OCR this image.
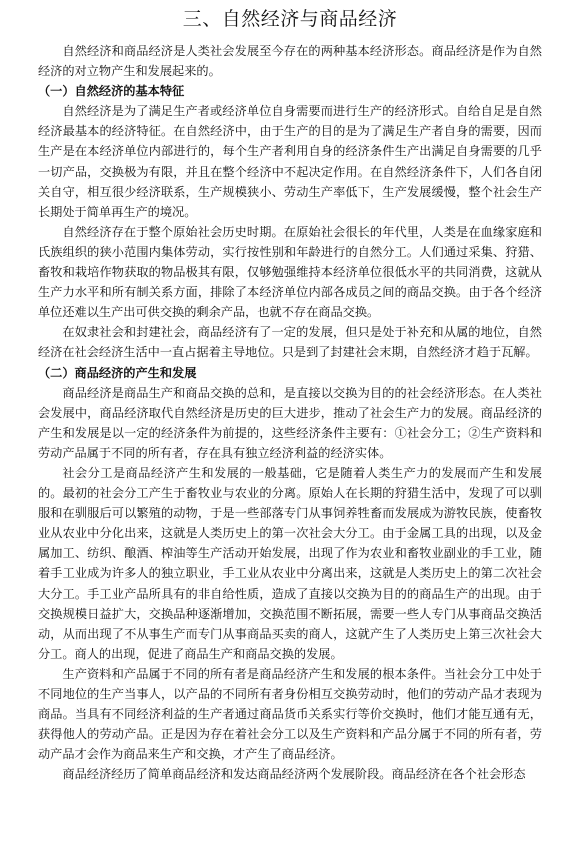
三、自然经济与商品经济

自然经济和商品经济是人类社会发展至今存在的两种基本经济形态。商品经济是作为自然经济的对立物产生和发展起来的。

（一）自然经济的基本特征

自然经济是为了满足生产者或经济单位自身需要而进行生产的经济形式。自给自足是自然经济最基本的经济特征。在自然经济中，由于生产的目的是为了满足生产者自身的需要，因而生产是在本经济单位内部进行的，每个生产者利用自身的经济条件生产出满足自身需要的几乎一切产品，交换极为有限，并且在整个经济中不起决定作用。在自然经济条件下，人们各自闭关自守，相互很少经济联系，生产规模狭小、劳动生产率低下，生产发展缓慢，整个社会生产长期处于简单再生产的境况。

自然经济存在于整个原始社会历史时期。在原始社会很长的年代里，人类是在血缘家庭和氏族组织的狭小范围内集体劳动，实行按性别和年龄进行的自然分工。人们通过采集、狩猎、畜牧和栽培作物获取的物品极其有限，仅够勉强维持本经济单位很低水平的共同消费，这就从生产力水平和所有制关系方面，排除了本经济单位内部各成员之间的商品交换。由于各个经济单位还难以生产出可供交换的剩余产品，也就不存在商品交换。

在奴隶社会和封建社会，商品经济有了一定的发展，但只是处于补充和从属的地位，自然经济在社会经济生活中一直占据着主导地位。只是到了封建社会末期，自然经济才趋于瓦解。

（二）商品经济的产生和发展

商品经济是商品生产和商品交换的总和，是直接以交换为目的的社会经济形态。在人类社会发展中，商品经济取代自然经济是历史的巨大进步，推动了社会生产力的发展。商品经济的产生和发展是以一定的经济条件为前提的，这些经济条件主要有：①社会分工；②生产资料和劳动产品属于不同的所有者，存在具有独立经济利益的经济实体。

社会分工是商品经济产生和发展的一般基础，它是随着人类生产力的发展而产生和发展的。最初的社会分工产生于畜牧业与农业的分离。原始人在长期的狩猎生活中，发现了可以驯服和在驯服后可以繁殖的动物，于是一些部落专门从事饲养牲畜而发展成为游牧民族，使畜牧业从农业中分化出来，这就是人类历史上的第一次社会大分工。由于金属工具的出现，以及金属加工、纺织、酿酒、榨油等生产活动开始发展，出现了作为农业和畜牧业副业的手工业，随着手工业成为许多人的独立职业，手工业从农业中分离出来，这就是人类历史上的第二次社会大分工。手工业产品所具有的非自给性质，造成了直接以交换为目的的商品生产的出现。由于交换规模日益扩大，交换品种逐渐增加，交换范围不断拓展，需要一些人专门从事商品交换活动，从而出现了不从事生产而专门从事商品买卖的商人，这就产生了人类历史上第三次社会大分工。商人的出现，促进了商品生产和商品交换的发展。

生产资料和产品属于不同的所有者是商品经济产生和发展的根本条件。当社会分工中处于不同地位的生产当事人，以产品的不同所有者身份相互交换劳动时，他们的劳动产品才表现为商品。当具有不同经济利益的生产者通过商品货币关系实行等价交换时，他们才能互通有无，获得他人的劳动产品。正是因为存在着社会分工以及生产资料和产品分属于不同的所有者，劳动产品才会作为商品来生产和交换，才产生了商品经济。

商品经济经历了简单商品经济和发达商品经济两个发展阶段。商品经济在各个社会形态
